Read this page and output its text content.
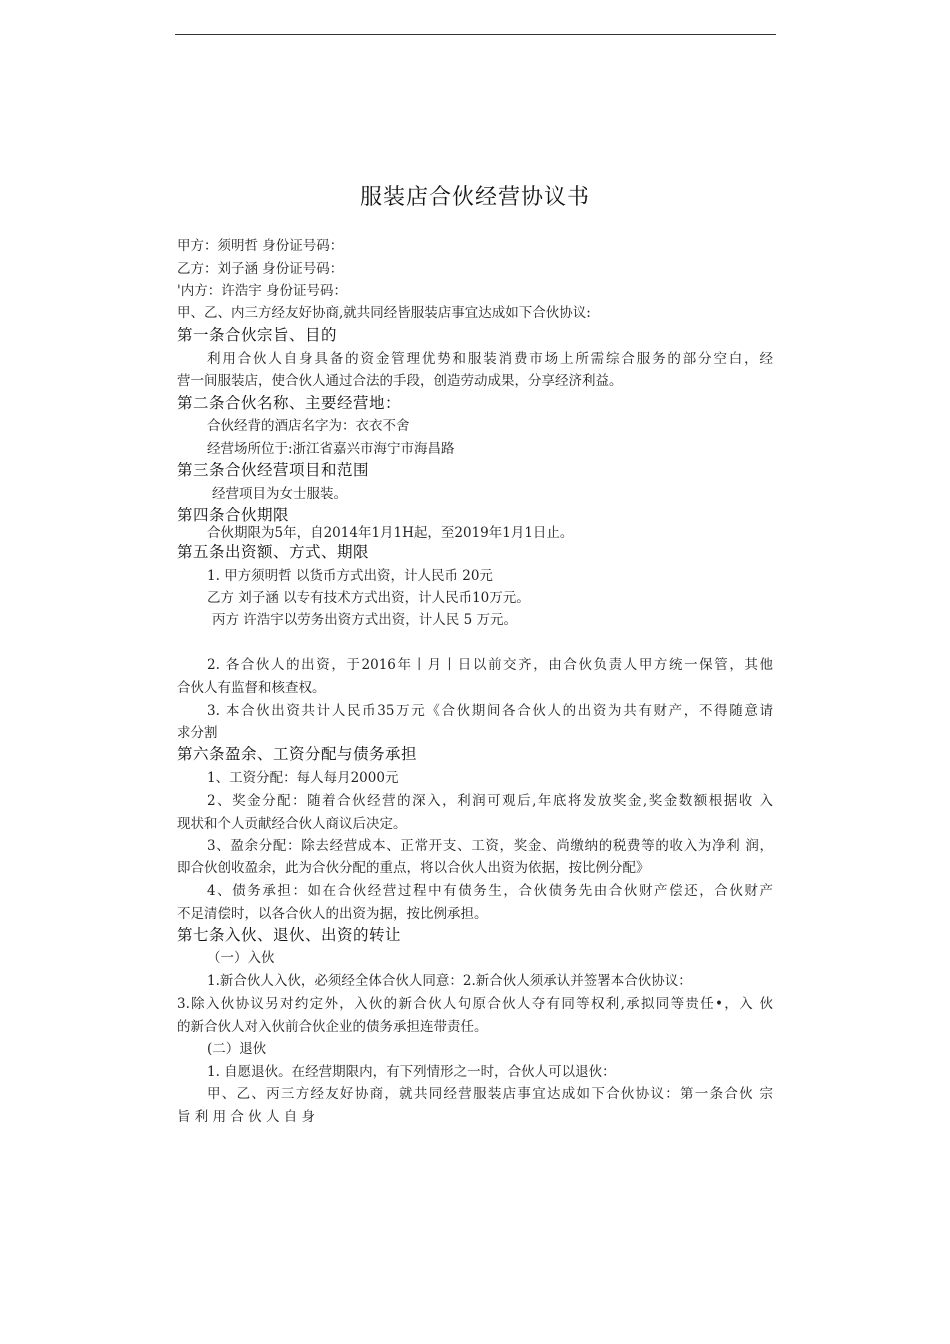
服装店合伙经营协议书
甲方：须明哲 身份证号码：
乙方：刘子涵 身份证号码：
'内方：许浩宇 身份证号码：
甲、乙、内三方经友好协商,就共同经皆服装店事宜达成如下合伙协议:
第一条合伙宗旨、目的
利用合伙人自身具备的资金管理优势和服装消费市场上所需综合服务的部分空白，经
营一间服装店，使合伙人通过合法的手段，创造劳动成果，分享经济利益。
第二条合伙名称、主要经营地：
合伙经背的酒店名字为：衣衣不舍
经营场所位于:浙江省嘉兴市海宁市海昌路
第三条合伙经营项目和范围
经营项目为女士服装。
第四条合伙期限
合伙期限为5年，自2014年1月1H起，至2019年1月1日止。
第五条出资额、方式、期限
1. 甲方须明哲 以货币方式出资，计人民币 20元
乙方 刘子涵 以专有技术方式出资，计人民币10万元。
丙方 许浩宇以劳务出资方式出资，计人民 5 万元。
2. 各合伙人的出资，于2016年丨月丨日以前交齐，由合伙负责人甲方统一保管，其他
合伙人有监督和核查权。
3. 本合伙出资共计人民币35万元《合伙期间各合伙人的出资为共有财产，不得随意请
求分割
第六条盈余、工资分配与债务承担
1、工资分配：每人每月2000元
2、奖金分配：随着合伙经营的深入，利润可观后,年底将发放奖金,奖金数额根据收 入
现状和个人贡献经合伙人商议后决定。
3、盈余分配：除去经营成本、正常开支、工资，奖金、尚缴纳的税费等的收入为净利 润，
即合伙创收盈余，此为合伙分配的重点，将以合伙人出资为依据，按比例分配》
4、债务承担：如在合伙经营过程中有债务生，合伙债务先由合伙财产偿还，合伙财产
不足清偿时，以各合伙人的出资为据，按比例承担。
第七条入伙、退伙、出资的转让
（一）入伙
1.新合伙人入伙，必须经全体合伙人同意：2.新合伙人须承认并签署本合伙协议：
3.除入伙协议另对约定外，入伙的新合伙人句原合伙人夺有同等权利,承拟同等贵任•，入 伙
的新合伙人对入伙前合伙企业的债务承担连带责任。
(二）退伙
1. 自愿退伙。在经营期限内，有下列情形之一时，合伙人可以退伙：
甲、乙、丙三方经友好协商，就共同经营服装店事宜达成如下合伙协议：第一条合伙 宗
旨 利 用 合 伙 人 自 身
